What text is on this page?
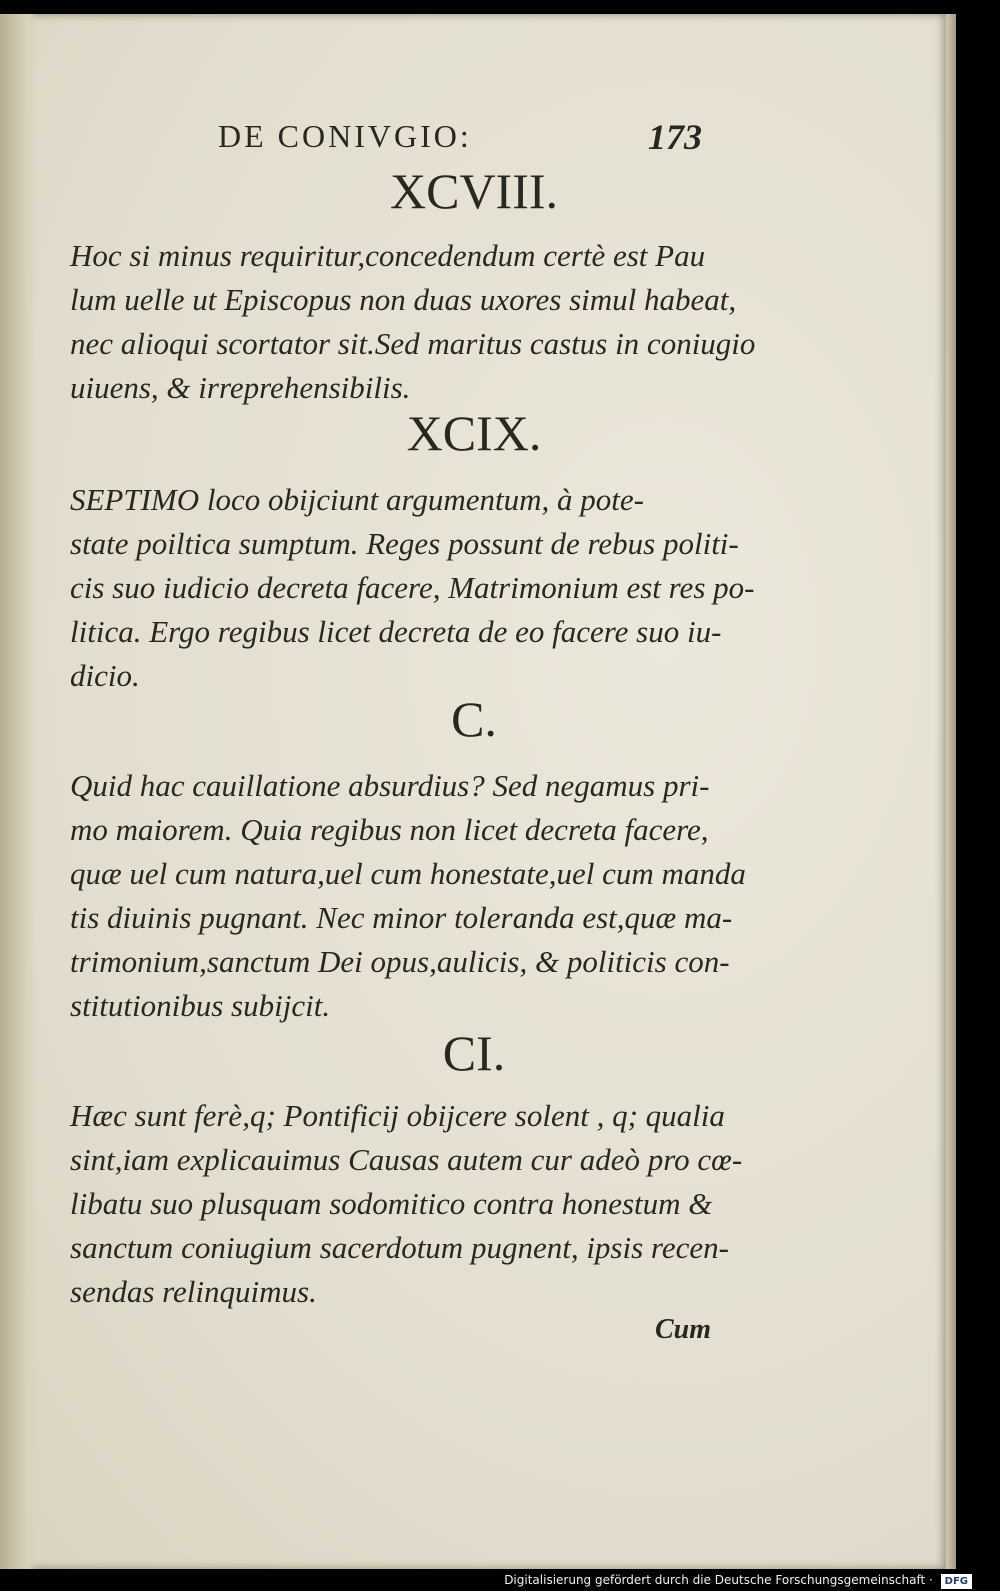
DE CONIVGIO:	173
XCVIII.
Hoc si minus requiritur,concedendum certè est Pau
lum uelle ut Episcopus non duas uxores simul habeat,
nec alioqui scortator sit.Sed maritus castus in coniugio
uiuens, & irreprehensibilis.
XCIX.
SEPTIMO loco obijciunt argumentum, à pote-
state poiltica sumptum. Reges possunt de rebus politi-
cis suo iudicio decreta facere, Matrimonium est res po-
litica. Ergo regibus licet decreta de eo facere suo iu-
dicio.
C.
Quid hac cauillatione absurdius? Sed negamus pri-
mo maiorem. Quia regibus non licet decreta facere,
quæ uel cum natura,uel cum honestate,uel cum manda
tis diuinis pugnant. Nec minor toleranda est,quæ ma-
trimonium,sanctum Dei opus,aulicis, & politicis con-
stitutionibus subijcit.
CI.
Hæc sunt ferè,q; Pontificij obijcere solent , q; qualia
sint,iam explicauimus Causas autem cur adeò pro cœ-
libatu suo plusquam sodomitico contra honestum &
sanctum coniugium sacerdotum pugnent, ipsis recen-
sendas relinquimus.
Cum
Digitalisierung gefördert durch die Deutsche Forschungsgemeinschaft · DFG
